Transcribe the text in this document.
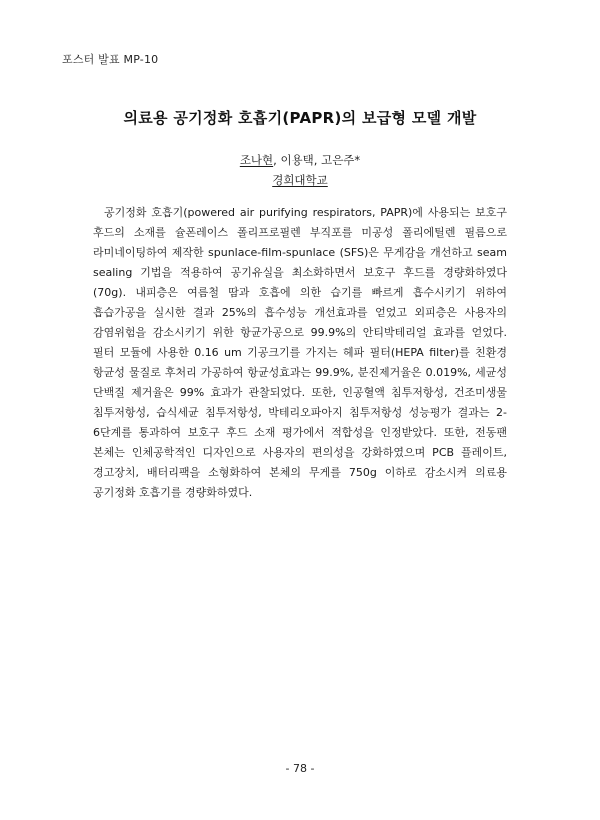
포스터 발표 MP-10
의료용 공기정화 호흡기(PAPR)의 보급형 모델 개발
조나현, 이용택, 고은주*
경희대학교

공기정화 호흡기(powered air purifying respirators, PAPR)에 사용되는 보호구 후드의 소재를 슐폰레이스 폴리프로필렌 부직포를 미공성 폴리에틸렌 필름으로 라미네이팅하여 제작한 spunlace-film-spunlace (SFS)은 무게감을 개선하고 seam sealing 기법을 적용하여 공기유실을 최소화하면서 보호구 후드를 경량화하였다(70g). 내피층은 여름철 땀과 호흡에 의한 습기를 빠르게 흡수시키기 위하여 흡습가공을 실시한 결과 25%의 흡수성능 개선효과를 얻었고 외피층은 사용자의 감염위험을 감소시키기 위한 항균가공으로 99.9%의 안티박테리얼 효과를 얻었다. 필터 모듈에 사용한 0.16 um 기공크기를 가지는 헤파 필터(HEPA filter)를 친환경 항균성 물질로 후처리 가공하여 항균성효과는 99.9%, 분진제거율은 0.019%, 세균성 단백질 제거율은 99% 효과가 관찰되었다. 또한, 인공혈액 침투저항성, 건조미생물 침투저항성, 습식세균 침투저항성, 박테리오파아지 침투저항성 성능평가 결과는 2-6단계를 통과하여 보호구 후드 소재 평가에서 적합성을 인정받았다. 또한, 전동팬 본체는 인체공학적인 디자인으로 사용자의 편의성을 강화하였으며 PCB 플레이트, 경고장치, 배터리팩을 소형화하여 본체의 무게를 750g 이하로 감소시켜 의료용 공기정화 호흡기를 경량화하였다.

- 78 -
